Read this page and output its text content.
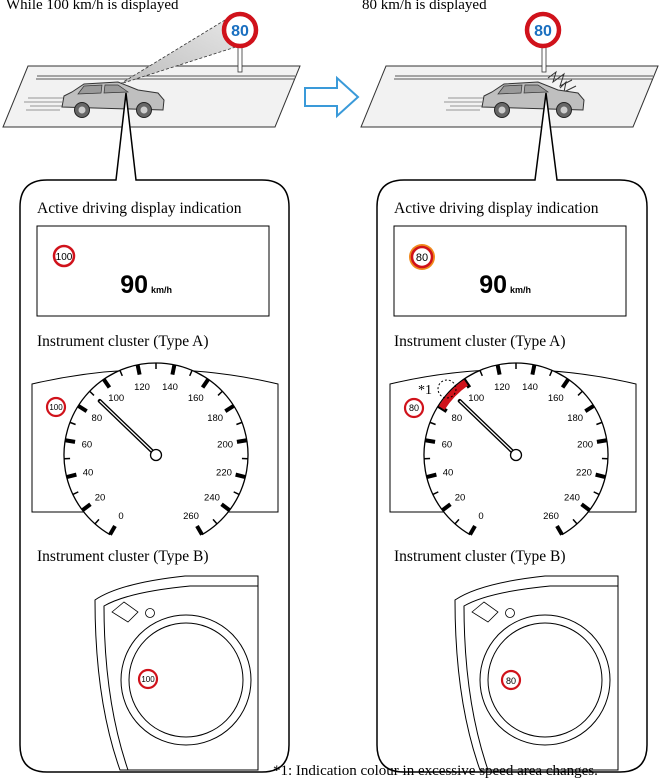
While 100 km/h is displayed	80 km/h is displayed
80	80
100
90 km/h
80
90 km/h
0
20
40
60
80
100
120 140
160
180
200
220
240
260	0
20
40
60
80
100
120 140
160
180
200
220
240
260
100	80
*1
100	80
Active driving display indication
Instrument cluster (Type A)
Instrument cluster (Type B)
Active driving display indication
Instrument cluster (Type A)
Instrument cluster (Type B)
*1: Indication colour in excessive speed area changes.
